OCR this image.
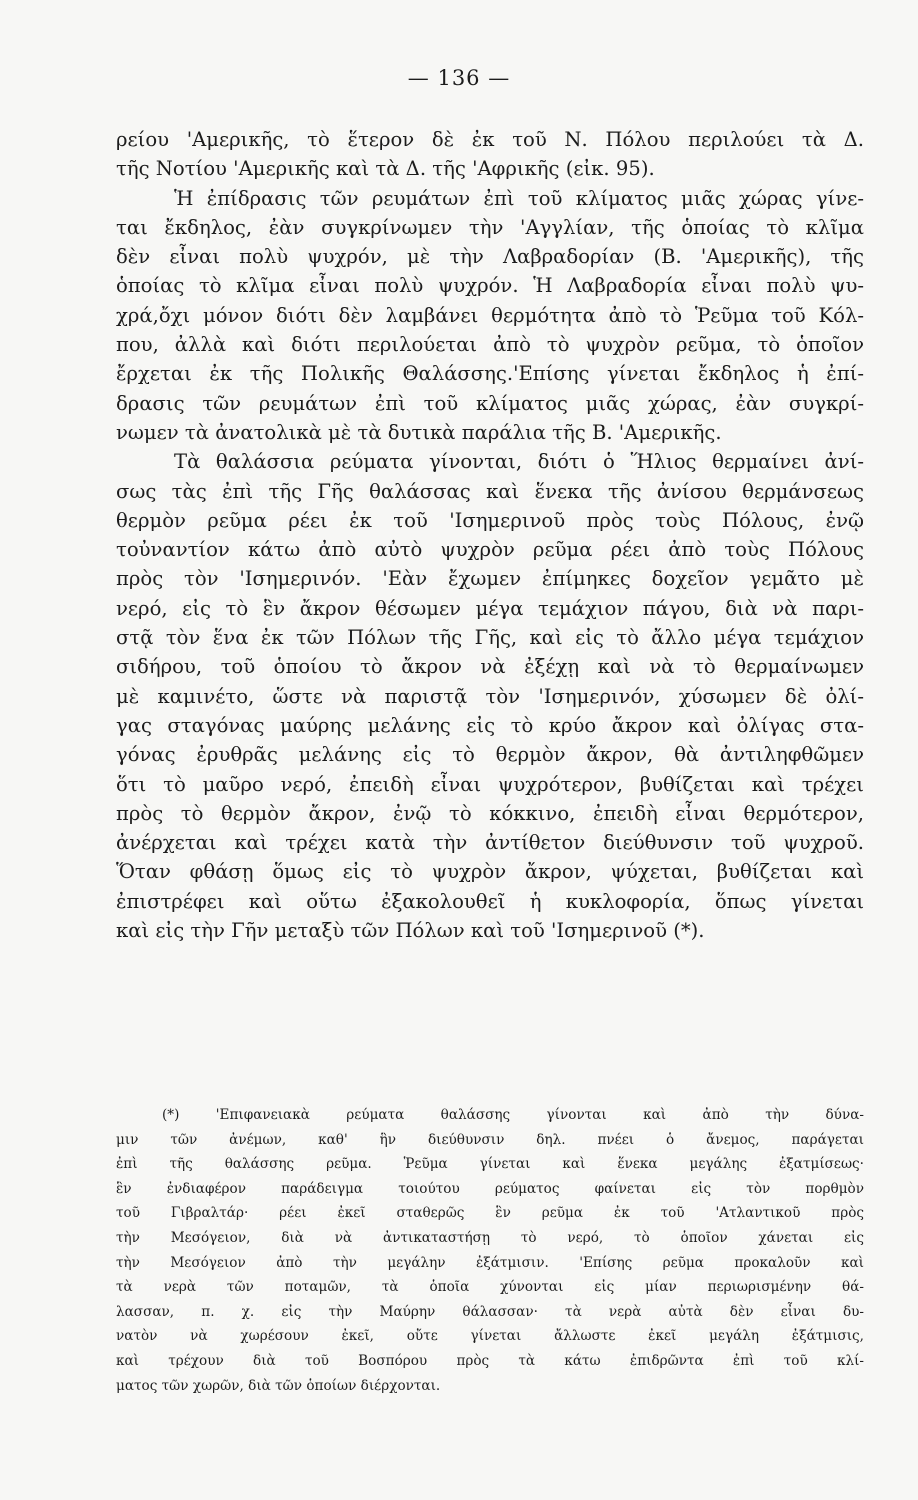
— 136 —
ρείου 'Αμερικῆς, τὸ ἕτερον δὲ ἐκ τοῦ Ν. Πόλου περιλούει τὰ Δ.
τῆς Νοτίου 'Αμερικῆς καὶ τὰ Δ. τῆς 'Αφρικῆς (εἰκ. 95).
Ἡ ἐπίδρασις τῶν ρευμάτων ἐπὶ τοῦ κλίματος μιᾶς χώρας γίνε-
ται ἔκδηλος, ἐὰν συγκρίνωμεν τὴν 'Αγγλίαν, τῆς ὁποίας τὸ κλῖμα
δὲν εἶναι πολὺ ψυχρόν, μὲ τὴν Λαβραδορίαν (Β. 'Αμερικῆς), τῆς
ὁποίας τὸ κλῖμα εἶναι πολὺ ψυχρόν. Ἡ Λαβραδορία εἶναι πολὺ ψυ-
χρά,ὄχι μόνον διότι δὲν λαμβάνει θερμότητα ἀπὸ τὸ Ῥεῦμα τοῦ Κόλ-
που, ἀλλὰ καὶ διότι περιλούεται ἀπὸ τὸ ψυχρὸν ρεῦμα, τὸ ὁποῖον
ἔρχεται ἐκ τῆς Πολικῆς Θαλάσσης.'Επίσης γίνεται ἔκδηλος ἡ ἐπί-
δρασις τῶν ρευμάτων ἐπὶ τοῦ κλίματος μιᾶς χώρας, ἐὰν συγκρί-
νωμεν τὰ ἀνατολικὰ μὲ τὰ δυτικὰ παράλια τῆς Β. 'Αμερικῆς.
Τὰ θαλάσσια ρεύματα γίνονται, διότι ὁ Ἥλιος θερμαίνει ἀνί-
σως τὰς ἐπὶ τῆς Γῆς θαλάσσας καὶ ἕνεκα τῆς ἀνίσου θερμάνσεως
θερμὸν ρεῦμα ρέει ἐκ τοῦ 'Ισημερινοῦ πρὸς τοὺς Πόλους, ἐνῷ
τοὐναντίον κάτω ἀπὸ αὐτὸ ψυχρὸν ρεῦμα ρέει ἀπὸ τοὺς Πόλους
πρὸς τὸν 'Ισημερινόν. 'Εὰν ἔχωμεν ἐπίμηκες δοχεῖον γεμᾶτο μὲ
νερό, εἰς τὸ ἓν ἄκρον θέσωμεν μέγα τεμάχιον πάγου, διὰ νὰ παρι-
στᾷ τὸν ἕνα ἐκ τῶν Πόλων τῆς Γῆς, καὶ εἰς τὸ ἄλλο μέγα τεμάχιον
σιδήρου, τοῦ ὁποίου τὸ ἄκρον νὰ ἐξέχῃ καὶ νὰ τὸ θερμαίνωμεν
μὲ καμινέτο, ὥστε νὰ παριστᾷ τὸν 'Ισημερινόν, χύσωμεν δὲ ὀλί-
γας σταγόνας μαύρης μελάνης εἰς τὸ κρύο ἄκρον καὶ ὀλίγας στα-
γόνας ἐρυθρᾶς μελάνης εἰς τὸ θερμὸν ἄκρον, θὰ ἀντιληφθῶμεν
ὅτι τὸ μαῦρο νερό, ἐπειδὴ εἶναι ψυχρότερον, βυθίζεται καὶ τρέχει
πρὸς τὸ θερμὸν ἄκρον, ἐνῷ τὸ κόκκινο, ἐπειδὴ εἶναι θερμότερον,
ἀνέρχεται καὶ τρέχει κατὰ τὴν ἀντίθετον διεύθυνσιν τοῦ ψυχροῦ.
Ὅταν φθάσῃ ὅμως εἰς τὸ ψυχρὸν ἄκρον, ψύχεται, βυθίζεται καὶ
ἐπιστρέφει καὶ οὕτω ἐξακολουθεῖ ἡ κυκλοφορία, ὅπως γίνεται
καὶ εἰς τὴν Γῆν μεταξὺ τῶν Πόλων καὶ τοῦ 'Ισημερινοῦ (*).
(*) 'Επιφανειακὰ ρεύματα θαλάσσης γίνονται καὶ ἀπὸ τὴν δύνα-
μιν τῶν ἀνέμων, καθ' ἣν διεύθυνσιν δηλ. πνέει ὁ ἄνεμος, παράγεται
ἐπὶ τῆς θαλάσσης ρεῦμα. Ῥεῦμα γίνεται καὶ ἕνεκα μεγάλης ἐξατμίσεως·
ἓν ἐνδιαφέρον παράδειγμα τοιούτου ρεύματος φαίνεται εἰς τὸν πορθμὸν
τοῦ Γιβραλτάρ· ρέει ἐκεῖ σταθερῶς ἓν ρεῦμα ἐκ τοῦ 'Ατλαντικοῦ πρὸς
τὴν Μεσόγειον, διὰ νὰ ἀντικαταστήσῃ τὸ νερό, τὸ ὁποῖον χάνεται εἰς
τὴν Μεσόγειον ἀπὸ τὴν μεγάλην ἐξάτμισιν. 'Επίσης ρεῦμα προκαλοῦν καὶ
τὰ νερὰ τῶν ποταμῶν, τὰ ὁποῖα χύνονται εἰς μίαν περιωρισμένην θά-
λασσαν, π. χ. εἰς τὴν Μαύρην θάλασσαν· τὰ νερὰ αὐτὰ δὲν εἶναι δυ-
νατὸν νὰ χωρέσουν ἐκεῖ, οὔτε γίνεται ἄλλωστε ἐκεῖ μεγάλη ἐξάτμισις,
καὶ τρέχουν διὰ τοῦ Βοσπόρου πρὸς τὰ κάτω ἐπιδρῶντα ἐπὶ τοῦ κλί-
ματος τῶν χωρῶν, διὰ τῶν ὁποίων διέρχονται.
